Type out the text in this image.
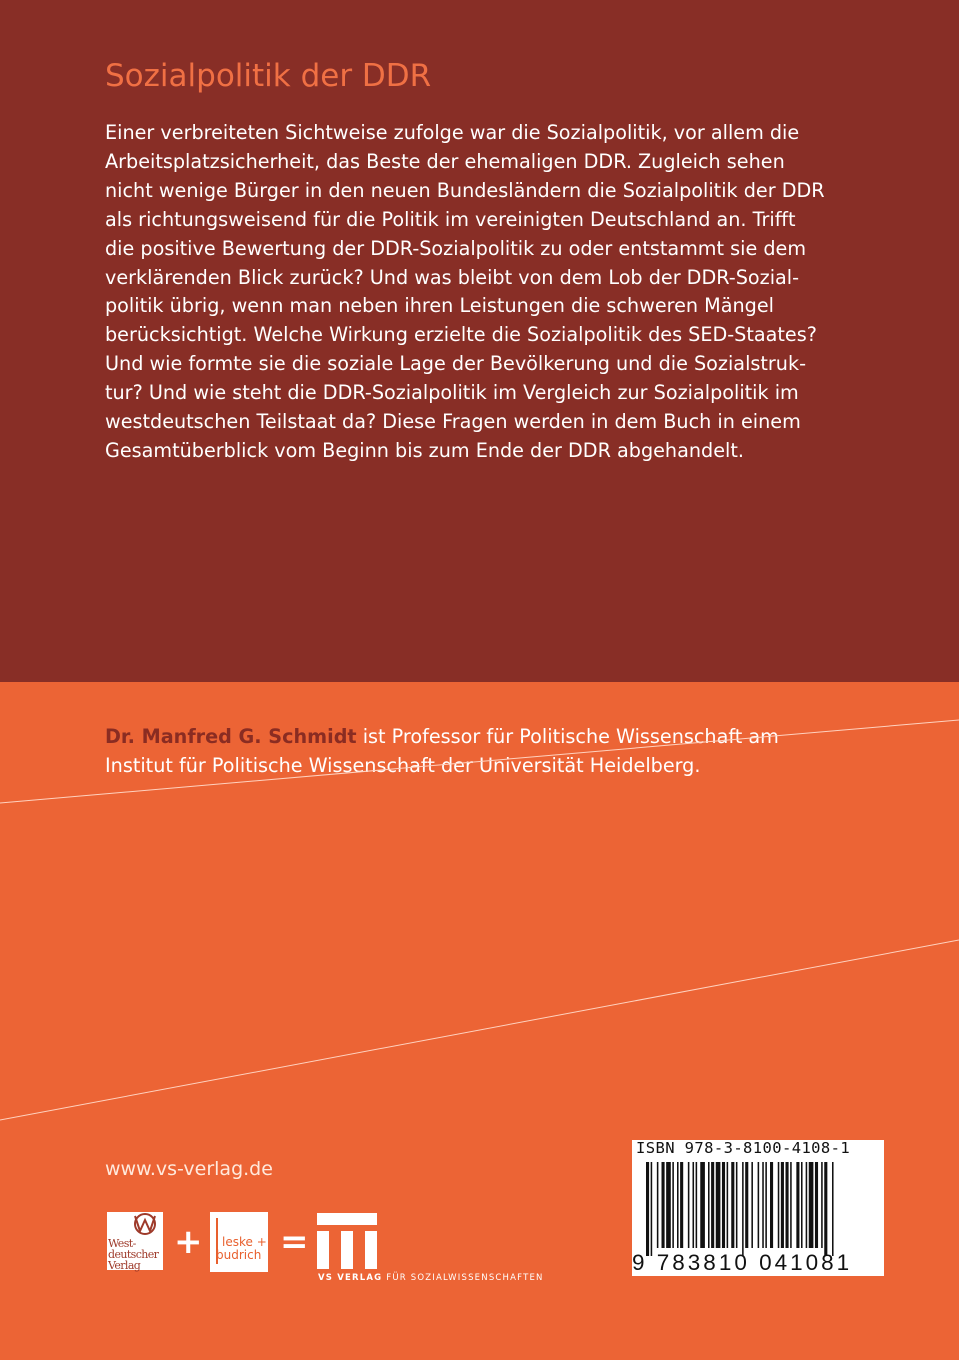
Sozialpolitik der DDR
Einer verbreiteten Sichtweise zufolge war die Sozialpolitik, vor allem die
Arbeitsplatzsicherheit, das Beste der ehemaligen DDR. Zugleich sehen
nicht wenige Bürger in den neuen Bundesländern die Sozialpolitik der DDR
als richtungsweisend für die Politik im vereinigten Deutschland an. Trifft
die positive Bewertung der DDR-Sozialpolitik zu oder entstammt sie dem
verklärenden Blick zurück? Und was bleibt von dem Lob der DDR-Sozial-
politik übrig, wenn man neben ihren Leistungen die schweren Mängel
berücksichtigt. Welche Wirkung erzielte die Sozialpolitik des SED-Staates?
Und wie formte sie die soziale Lage der Bevölkerung und die Sozialstruk-
tur? Und wie steht die DDR-Sozialpolitik im Vergleich zur Sozialpolitik im
westdeutschen Teilstaat da? Diese Fragen werden in dem Buch in einem
Gesamtüberblick vom Beginn bis zum Ende der DDR abgehandelt.
Dr. Manfred G. Schmidt ist Professor für Politische Wissenschaft am
Institut für Politische Wissenschaft der Universität Heidelberg.
www.vs-verlag.de
West- deutscher Verlag
+ leske +
budrich =
VS VERLAG FÜR SOZIALWISSENSCHAFTEN
ISBN 978-3-8100-4108-1
9 783810 041081
